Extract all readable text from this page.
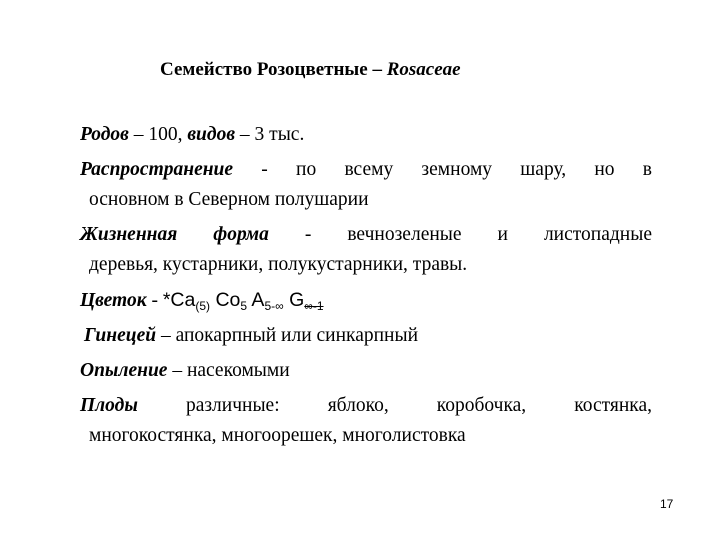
Семейство Розоцветные – Rosaceae
Родов – 100, видов – 3 тыс.
Распространение - по всему земному шару, но в
основном в Северном полушарии
Жизненная форма - вечнозеленые и листопадные
деревья, кустарники, полукустарники, травы.
Цветок - $*Ca_{(5)}$ $Co_5$ $A_{5-\infty}$ $G_{\infty-1}$
Гинецей – апокарпный или синкарпный
Опыление – насекомыми
Плоды различные: яблоко, коробочка, костянка,
многокостянка, многоорешек, многолистовка
17
